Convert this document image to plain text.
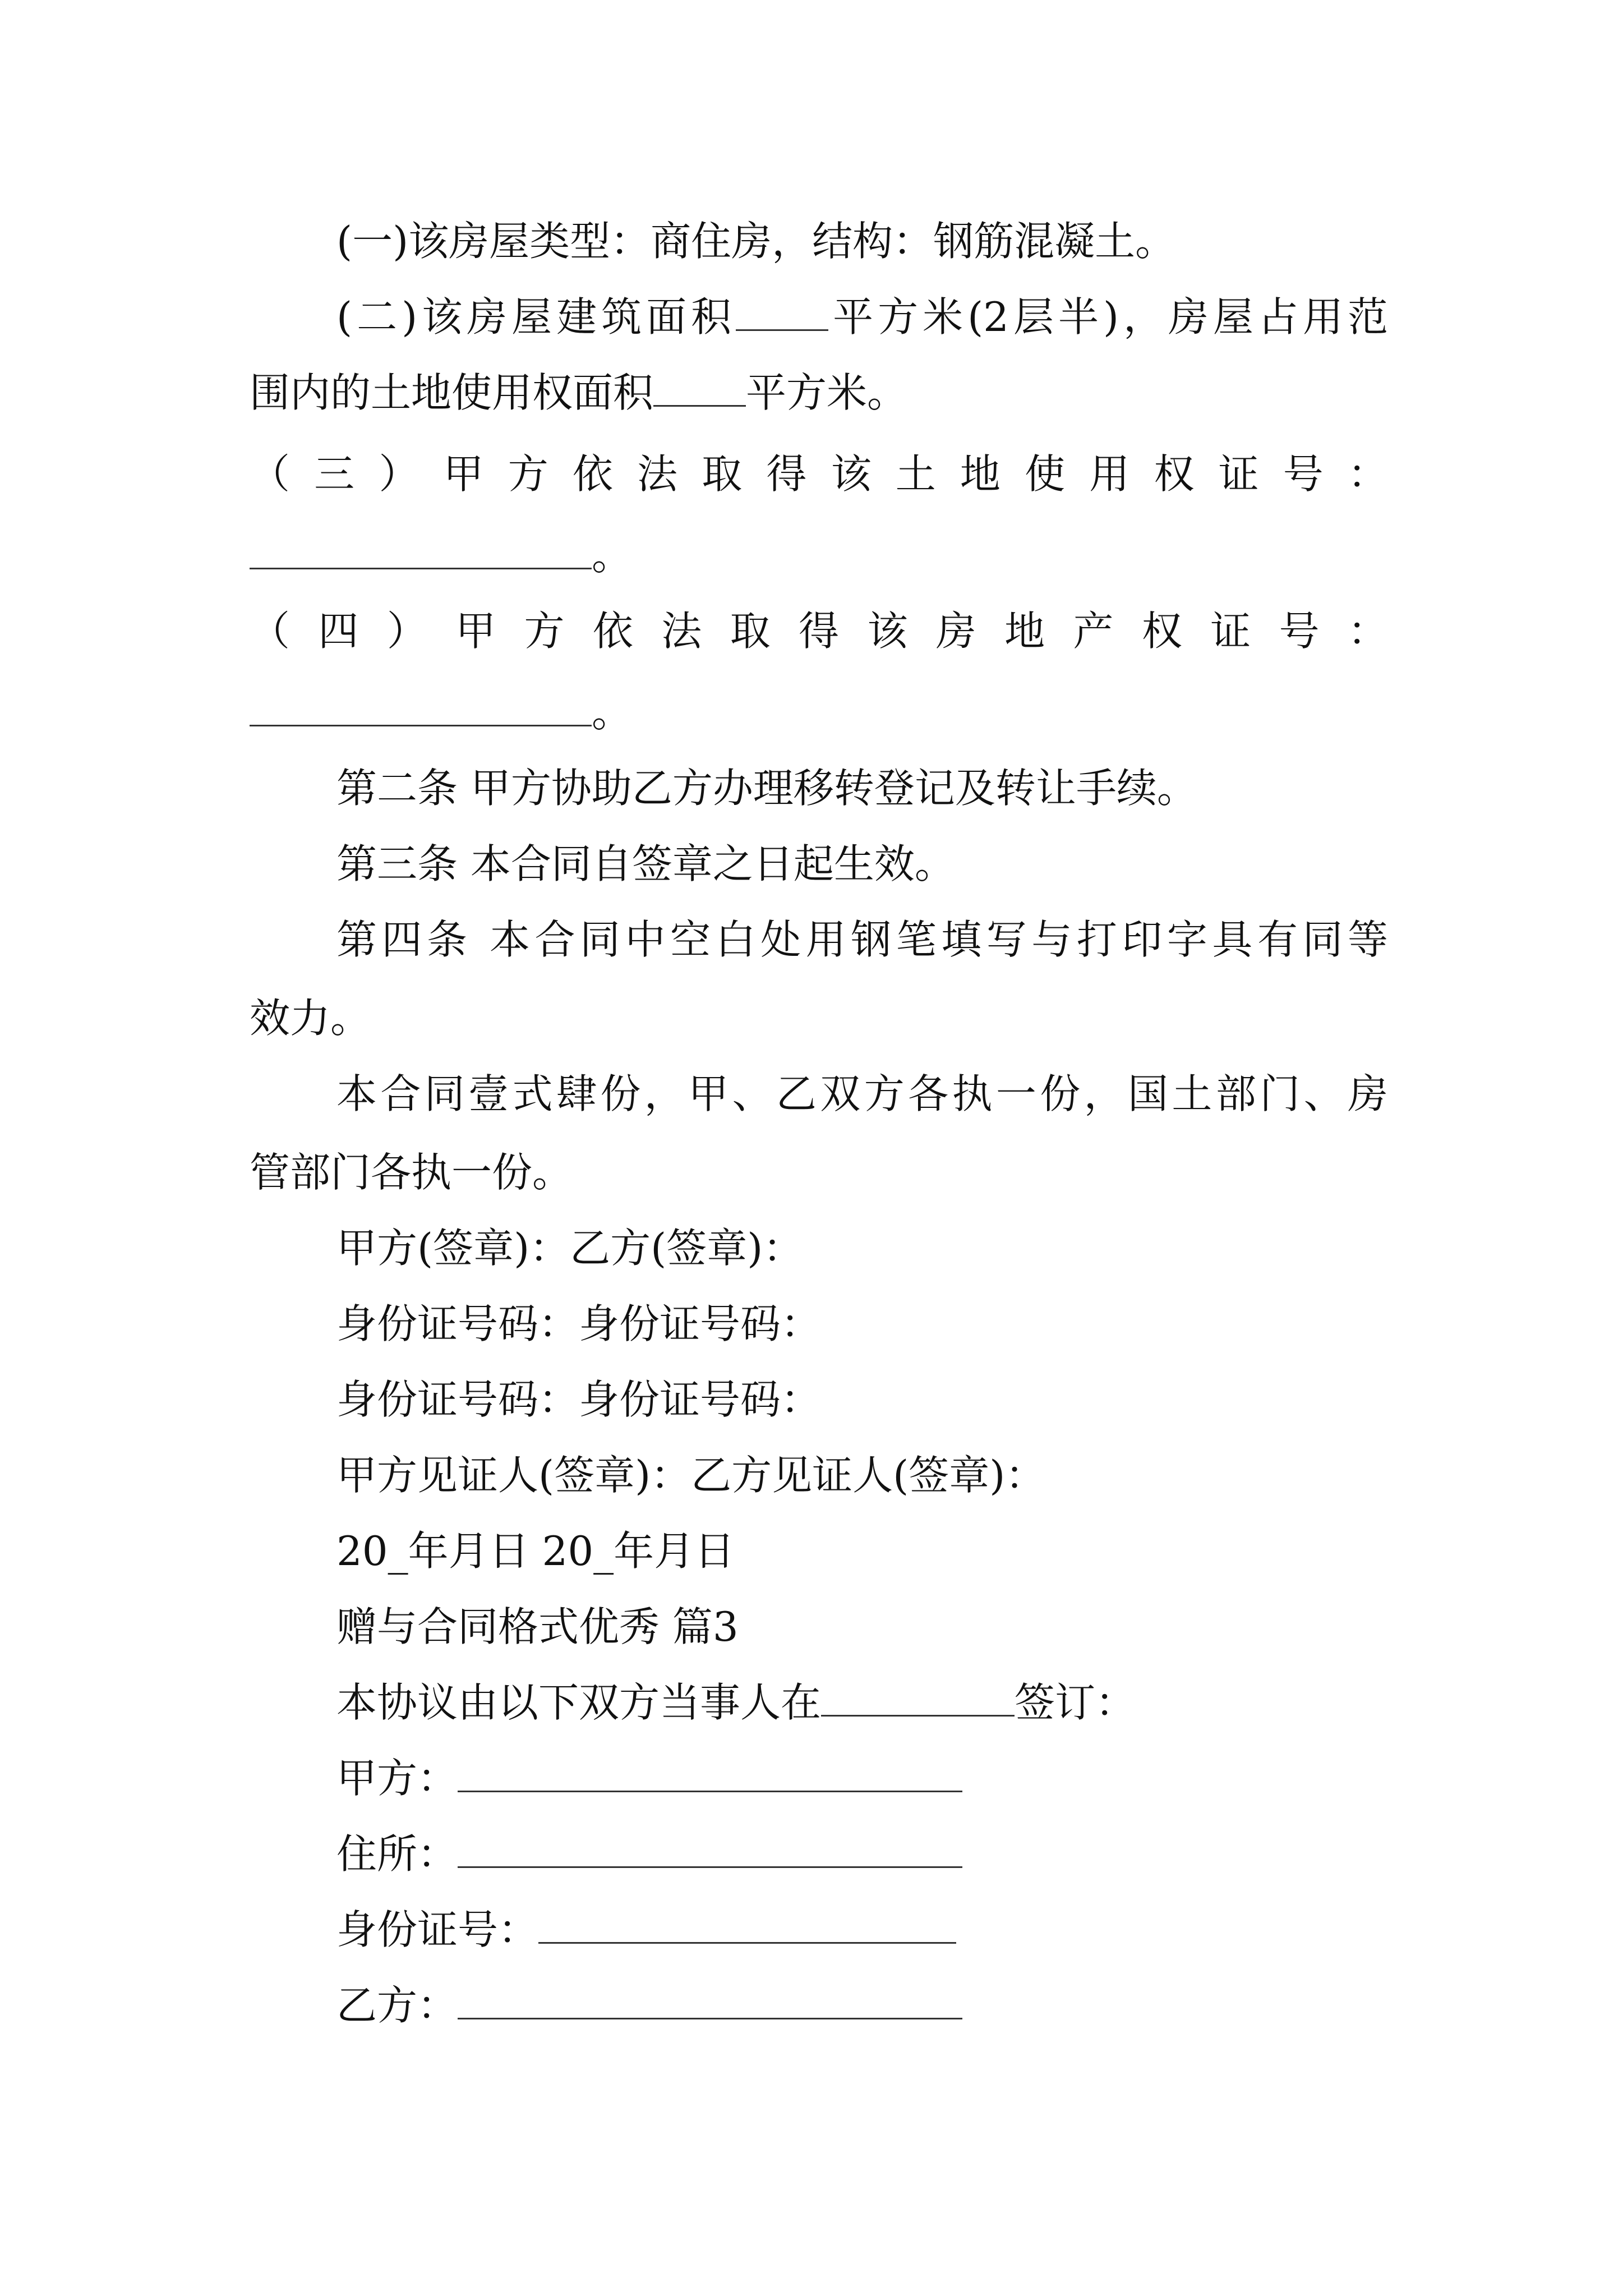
(一)该房屋类型：商住房，结构：钢筋混凝土。
(二)该房屋建筑面积 平方米(2层半)，房屋占用范
围内的土地使用权面积 平方米。
（三）甲方依法取得该土地使用权证号：
。
（四）甲方依法取得该房地产权证号：
。
第二条 甲方协助乙方办理移转登记及转让手续。
第三条 本合同自签章之日起生效。
第四条 本合同中空白处用钢笔填写与打印字具有同等
效力。
本合同壹式肆份，甲、乙双方各执一份，国土部门、房
管部门各执一份。
甲方(签章)：乙方(签章)：
身份证号码：身份证号码：
身份证号码：身份证号码：
甲方见证人(签章)：乙方见证人(签章)：
20_年月日 20_年月日
赠与合同格式优秀 篇3
本协议由以下双方当事人在	签订：
甲方：
住所：
身份证号：
乙方：
